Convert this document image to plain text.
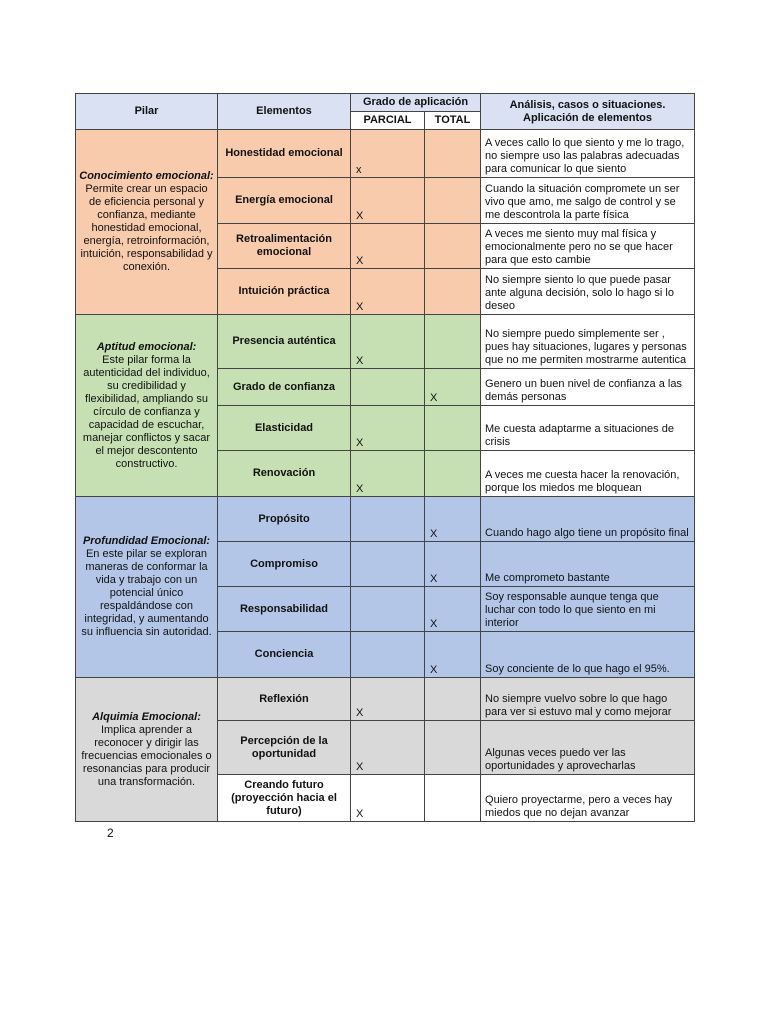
Pilar	Elementos	Grado de aplicación		Análisis, casos o situaciones. Aplicación de elementos
		PARCIAL	TOTAL	

Conocimiento emocional:
Permite crear un espacio de eficiencia personal y confianza, mediante honestidad emocional, energía, retroinformación, intuición, responsabilidad y conexión.	Honestidad emocional	x		A veces callo lo que siento y me lo trago, no siempre uso las palabras adecuadas para comunicar lo que siento

	Energía emocional	X		Cuando la situación compromete un ser vivo que amo, me salgo de control y se me descontrola la parte física

	Retroalimentación emocional	X		A veces me siento muy mal física y emocionalmente pero no se que hacer para que esto cambie

	Intuición práctica	X		No siempre siento lo que puede pasar ante alguna decisión, solo lo hago si lo deseo

Aptitud emocional:
Este pilar forma la autenticidad del individuo, su credibilidad y flexibilidad, ampliando su círculo de confianza y capacidad de escuchar, manejar conflictos y sacar el mejor descontento constructivo.	Presencia auténtica	X		No siempre puedo simplemente ser , pues hay situaciones, lugares y personas que no me permiten mostrarme autentica

	Grado de confianza		X	Genero un buen nivel de confianza a las demás personas

	Elasticidad	X		Me cuesta adaptarme a situaciones de crisis

	Renovación	X		A veces me cuesta hacer la renovación, porque los miedos me bloquean

Profundidad Emocional:
En este pilar se exploran maneras de conformar la vida y trabajo con un potencial único respaldándose con integridad, y aumentando su influencia sin autoridad.	Propósito		X	Cuando hago algo tiene un propósito final

	Compromiso		X	Me comprometo bastante

	Responsabilidad		X	Soy responsable aunque tenga que luchar con todo lo que siento en mi interior

	Conciencia		X	Soy conciente de lo que hago el 95%.

Alquimia Emocional:
Implica aprender a reconocer y dirigir las frecuencias emocionales o resonancias para producir una transformación.	Reflexión	X		No siempre vuelvo sobre lo que hago para ver si estuvo mal y como mejorar

	Percepción de la oportunidad	X		Algunas veces puedo ver las oportunidades y aprovecharlas

	Creando futuro (proyección hacia el futuro)	X		Quiero proyectarme, pero a veces hay miedos que no dejan avanzar
2
